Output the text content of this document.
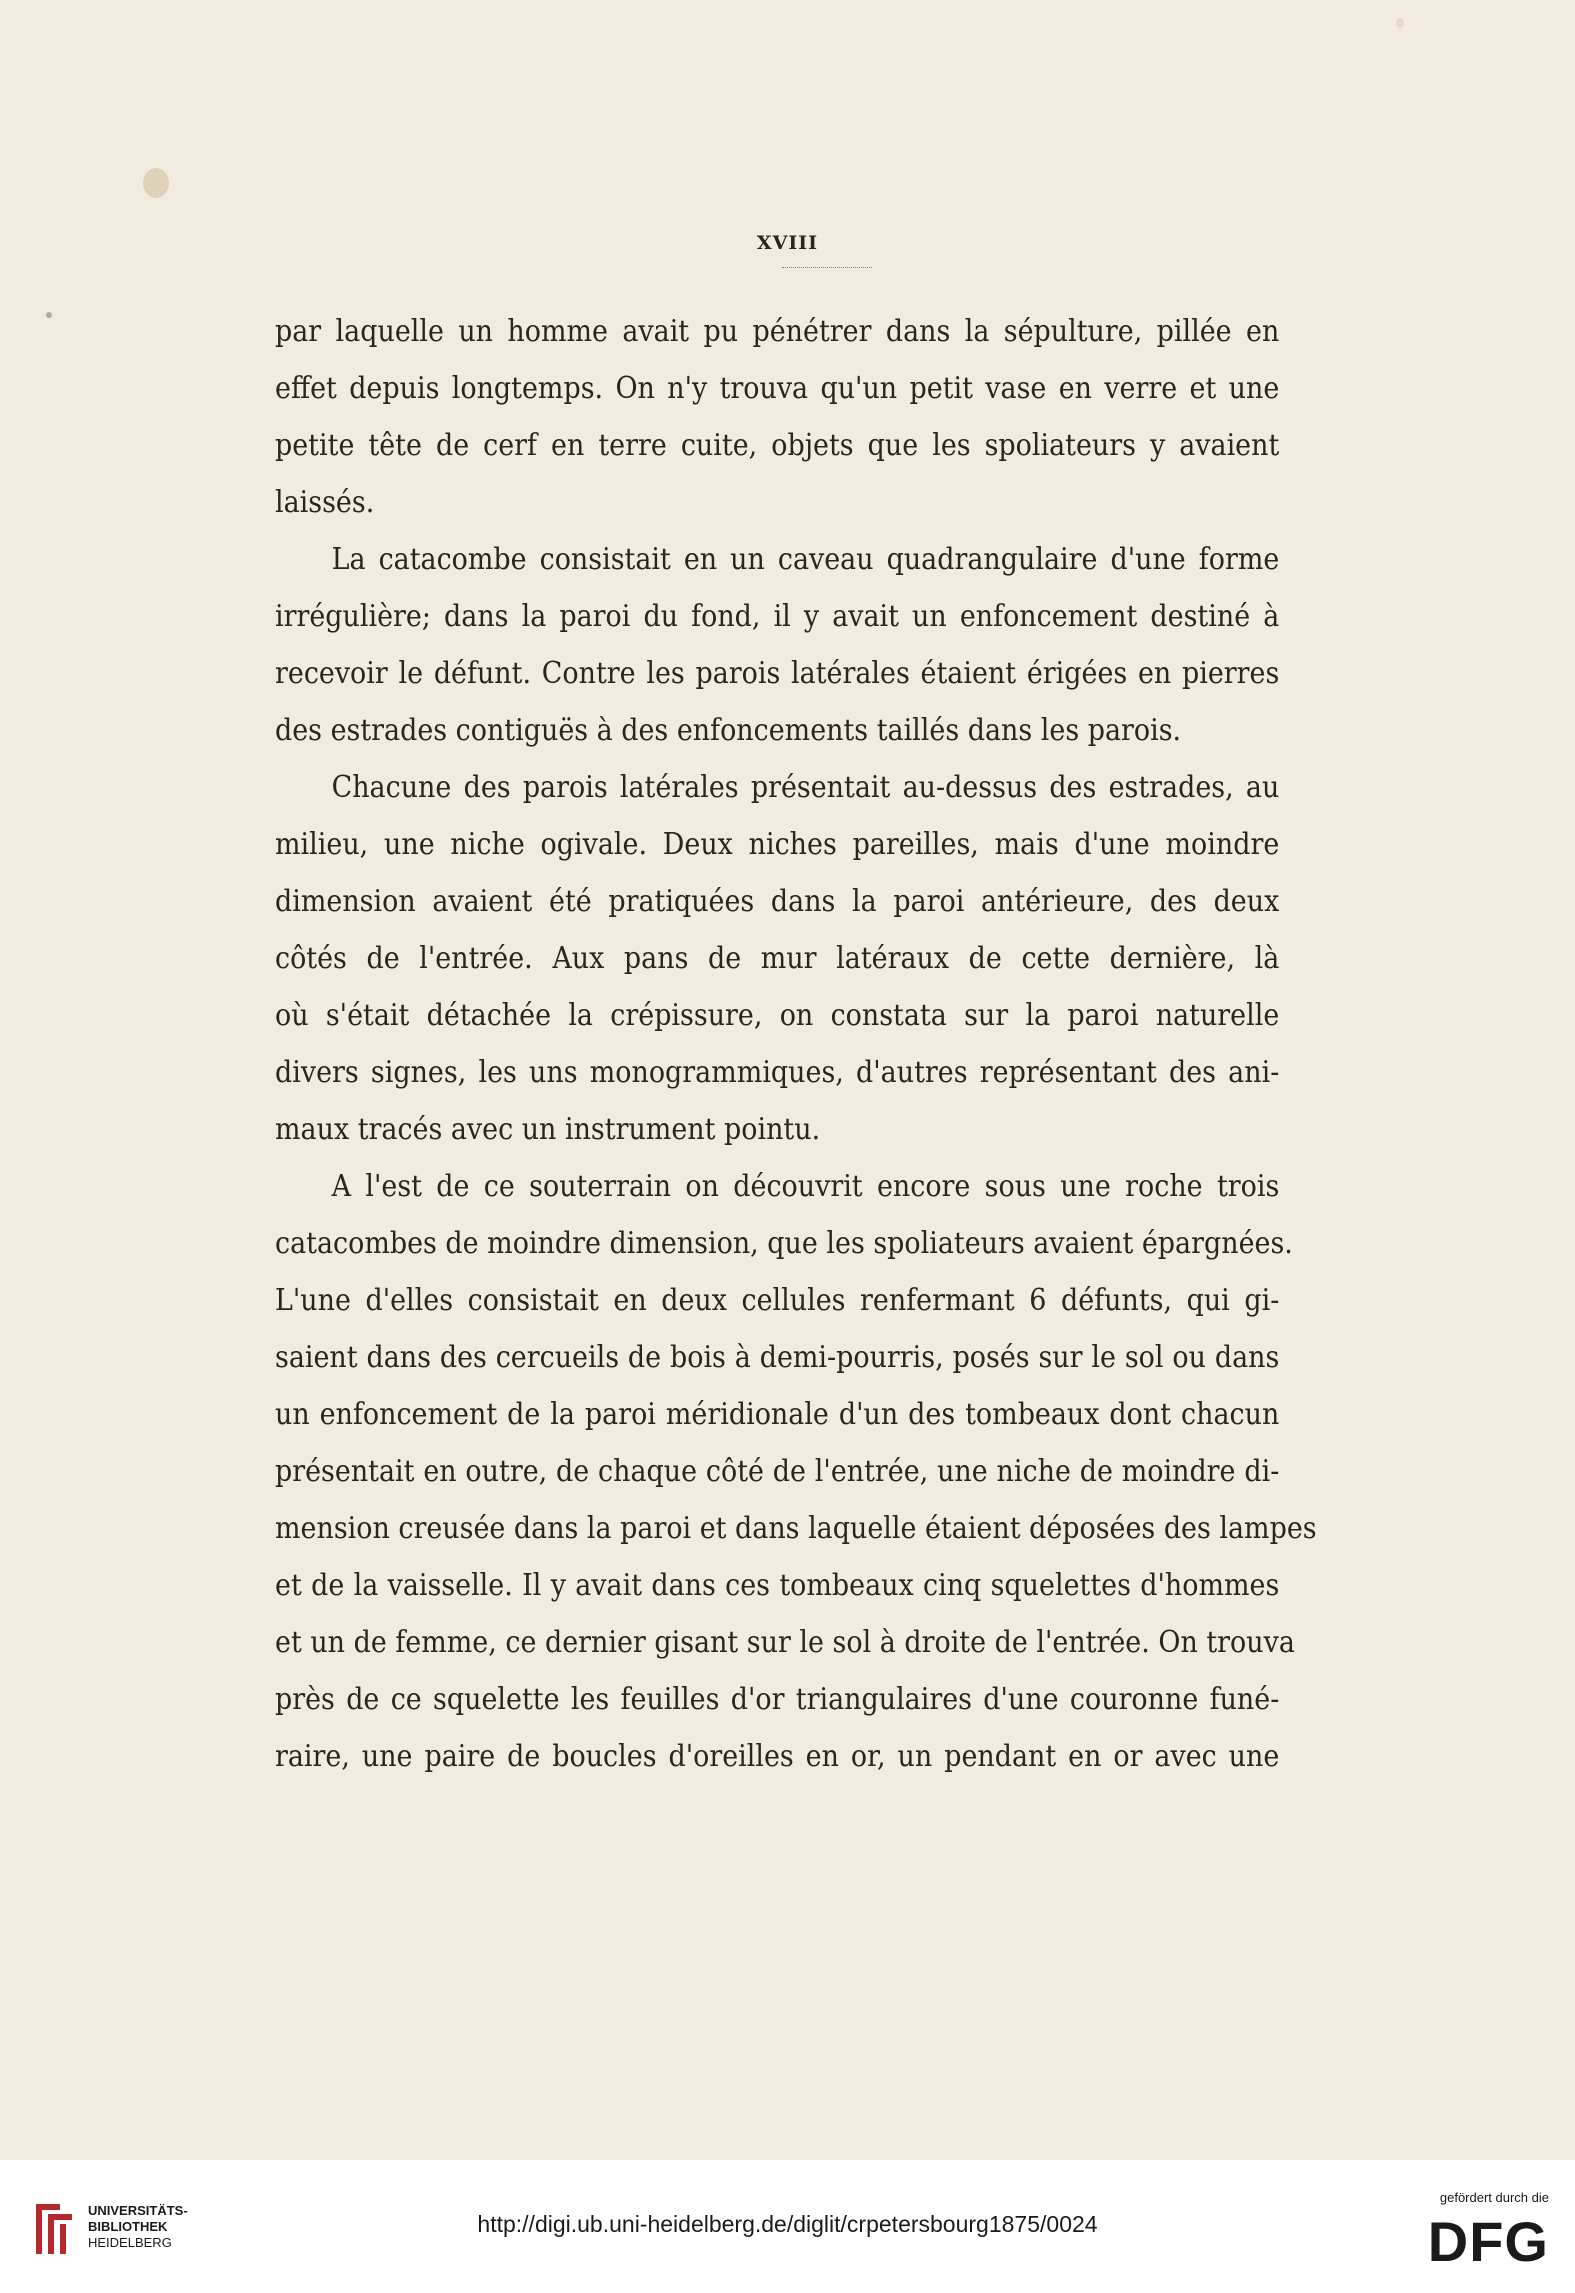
XVIII
par laquelle un homme avait pu pénétrer dans la sépulture, pillée en
effet depuis longtemps. On n'y trouva qu'un petit vase en verre et une
petite tête de cerf en terre cuite, objets que les spoliateurs y avaient
laissés.
La catacombe consistait en un caveau quadrangulaire d'une forme
irrégulière; dans la paroi du fond, il y avait un enfoncement destiné à
recevoir le défunt. Contre les parois latérales étaient érigées en pierres
des estrades contiguës à des enfoncements taillés dans les parois.
Chacune des parois latérales présentait au-dessus des estrades, au
milieu, une niche ogivale. Deux niches pareilles, mais d'une moindre
dimension avaient été pratiquées dans la paroi antérieure, des deux
côtés de l'entrée. Aux pans de mur latéraux de cette dernière, là
où s'était détachée la crépissure, on constata sur la paroi naturelle
divers signes, les uns monogrammiques, d'autres représentant des ani-
maux tracés avec un instrument pointu.
A l'est de ce souterrain on découvrit encore sous une roche trois
catacombes de moindre dimension, que les spoliateurs avaient épargnées.
L'une d'elles consistait en deux cellules renfermant 6 défunts, qui gi-
saient dans des cercueils de bois à demi-pourris, posés sur le sol ou dans
un enfoncement de la paroi méridionale d'un des tombeaux dont chacun
présentait en outre, de chaque côté de l'entrée, une niche de moindre di-
mension creusée dans la paroi et dans laquelle étaient déposées des lampes
et de la vaisselle. Il y avait dans ces tombeaux cinq squelettes d'hommes
et un de femme, ce dernier gisant sur le sol à droite de l'entrée. On trouva
près de ce squelette les feuilles d'or triangulaires d'une couronne funé-
raire, une paire de boucles d'oreilles en or, un pendant en or avec une
UNIVERSITÄTS-
BIBLIOTHEK
HEIDELBERG
http://digi.ub.uni-heidelberg.de/diglit/crpetersbourg1875/0024
gefördert durch die
DFG
